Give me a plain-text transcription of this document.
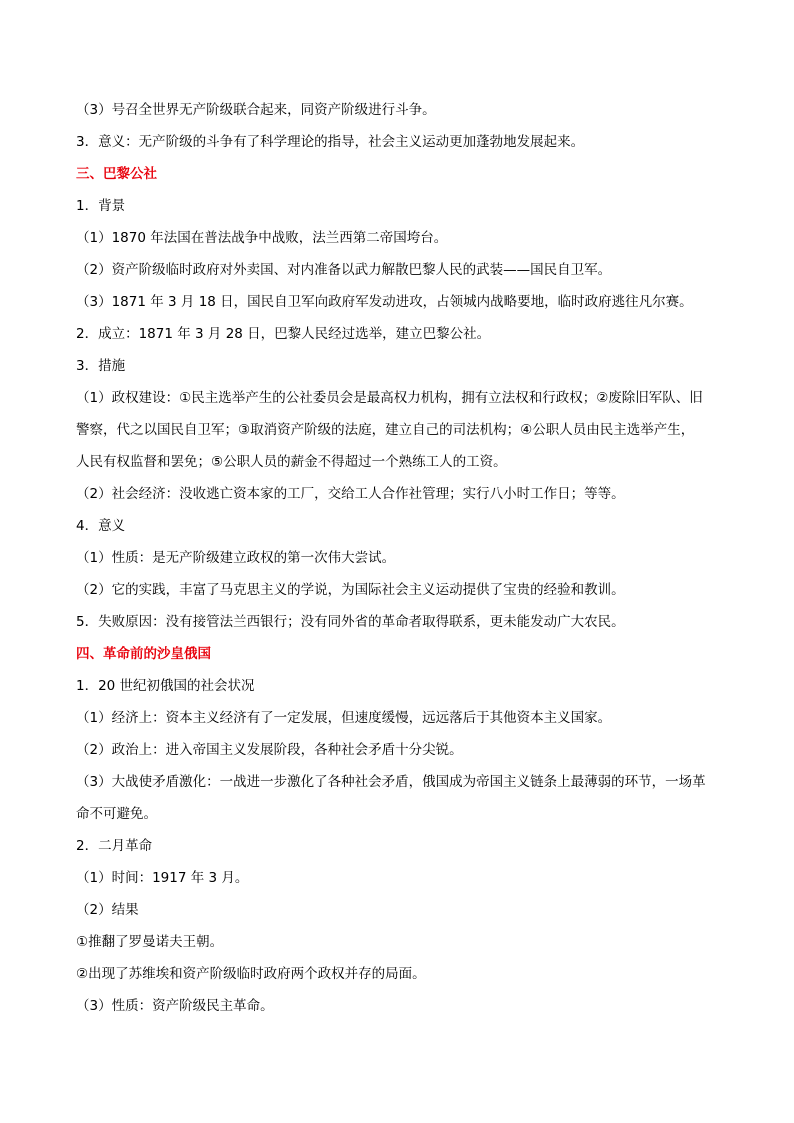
（3）号召全世界无产阶级联合起来，同资产阶级进行斗争。
3．意义：无产阶级的斗争有了科学理论的指导，社会主义运动更加蓬勃地发展起来。
三、巴黎公社
1．背景
（1）1870 年法国在普法战争中战败，法兰西第二帝国垮台。
（2）资产阶级临时政府对外卖国、对内准备以武力解散巴黎人民的武装——国民自卫军。
（3）1871 年 3 月 18 日，国民自卫军向政府军发动进攻，占领城内战略要地，临时政府逃往凡尔赛。
2．成立：1871 年 3 月 28 日，巴黎人民经过选举，建立巴黎公社。
3．措施
（1）政权建设：①民主选举产生的公社委员会是最高权力机构，拥有立法权和行政权；②废除旧军队、旧
警察，代之以国民自卫军；③取消资产阶级的法庭，建立自己的司法机构；④公职人员由民主选举产生，
人民有权监督和罢免；⑤公职人员的薪金不得超过一个熟练工人的工资。
（2）社会经济：没收逃亡资本家的工厂，交给工人合作社管理；实行八小时工作日；等等。
4．意义
（1）性质：是无产阶级建立政权的第一次伟大尝试。
（2）它的实践，丰富了马克思主义的学说，为国际社会主义运动提供了宝贵的经验和教训。
5．失败原因：没有接管法兰西银行；没有同外省的革命者取得联系，更未能发动广大农民。
四、革命前的沙皇俄国
1．20 世纪初俄国的社会状况
（1）经济上：资本主义经济有了一定发展，但速度缓慢，远远落后于其他资本主义国家。
（2）政治上：进入帝国主义发展阶段，各种社会矛盾十分尖锐。
（3）大战使矛盾激化：一战进一步激化了各种社会矛盾，俄国成为帝国主义链条上最薄弱的环节，一场革
命不可避免。
2．二月革命
（1）时间：1917 年 3 月。
（2）结果
①推翻了罗曼诺夫王朝。
②出现了苏维埃和资产阶级临时政府两个政权并存的局面。
（3）性质：资产阶级民主革命。
